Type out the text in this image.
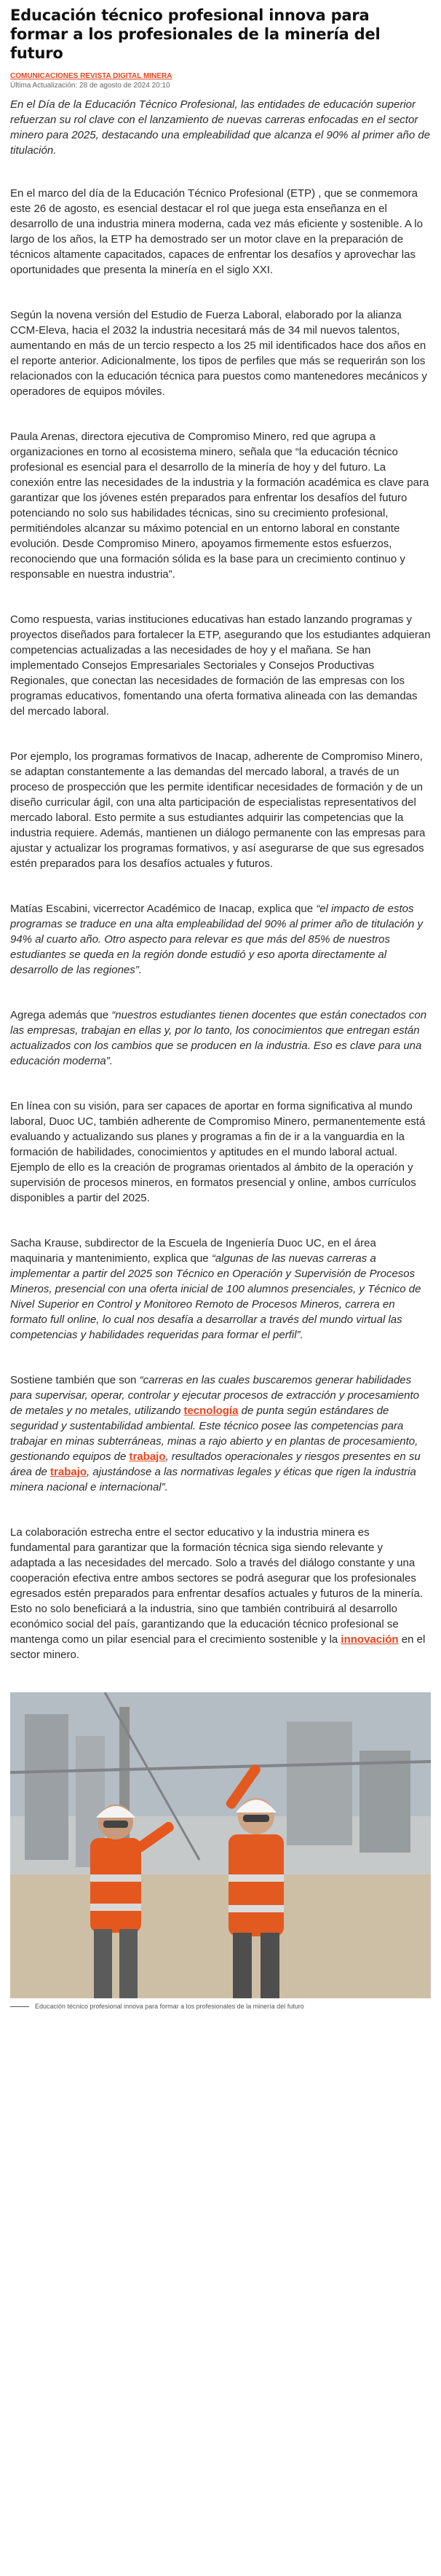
Educación técnico profesional innova para formar a los profesionales de la minería del futuro
COMUNICACIONES REVISTA DIGITAL MINERA
Última Actualización: 28 de agosto de 2024 20:10

En el Día de la Educación Técnico Profesional, las entidades de educación superior refuerzan su rol clave con el lanzamiento de nuevas carreras enfocadas en el sector minero para 2025, destacando una empleabilidad que alcanza el 90% al primer año de titulación.

En el marco del día de la Educación Técnico Profesional (ETP) , que se conmemora este 26 de agosto, es esencial destacar el rol que juega esta enseñanza en el desarrollo de una industria minera moderna, cada vez más eficiente y sostenible. A lo largo de los años, la ETP ha demostrado ser un motor clave en la preparación de técnicos altamente capacitados, capaces de enfrentar los desafíos y aprovechar las oportunidades que presenta la minería en el siglo XXI.

Según la novena versión del Estudio de Fuerza Laboral, elaborado por la alianza CCM-Eleva, hacia el 2032 la industria necesitará más de 34 mil nuevos talentos, aumentando en más de un tercio respecto a los 25 mil identificados hace dos años en el reporte anterior. Adicionalmente, los tipos de perfiles que más se requerirán son los relacionados con la educación técnica para puestos como mantenedores mecánicos y operadores de equipos móviles.

Paula Arenas, directora ejecutiva de Compromiso Minero, red que agrupa a organizaciones en torno al ecosistema minero, señala que “la educación técnico profesional es esencial para el desarrollo de la minería de hoy y del futuro. La conexión entre las necesidades de la industria y la formación académica es clave para garantizar que los jóvenes estén preparados para enfrentar los desafíos del futuro potenciando no solo sus habilidades técnicas, sino su crecimiento profesional, permitiéndoles alcanzar su máximo potencial en un entorno laboral en constante evolución. Desde Compromiso Minero, apoyamos firmemente estos esfuerzos, reconociendo que una formación sólida es la base para un crecimiento continuo y responsable en nuestra industria”.

Como respuesta, varias instituciones educativas han estado lanzando programas y proyectos diseñados para fortalecer la ETP, asegurando que los estudiantes adquieran competencias actualizadas a las necesidades de hoy y el mañana. Se han implementado Consejos Empresariales Sectoriales y Consejos Productivas Regionales, que conectan las necesidades de formación de las empresas con los programas educativos, fomentando una oferta formativa alineada con las demandas del mercado laboral.

Por ejemplo, los programas formativos de Inacap, adherente de Compromiso Minero, se adaptan constantemente a las demandas del mercado laboral, a través de un proceso de prospección que les permite identificar necesidades de formación y de un diseño curricular ágil, con una alta participación de especialistas representativos del mercado laboral. Esto permite a sus estudiantes adquirir las competencias que la industria requiere. Además, mantienen un diálogo permanente con las empresas para ajustar y actualizar los programas formativos, y así asegurarse de que sus egresados estén preparados para los desafíos actuales y futuros.

Matías Escabini, vicerrector Académico de Inacap, explica que “el impacto de estos programas se traduce en una alta empleabilidad del 90% al primer año de titulación y 94% al cuarto año. Otro aspecto para relevar es que más del 85% de nuestros estudiantes se queda en la región donde estudió y eso aporta directamente al desarrollo de las regiones”.

Agrega además que “nuestros estudiantes tienen docentes que están conectados con las empresas, trabajan en ellas y, por lo tanto, los conocimientos que entregan están actualizados con los cambios que se producen en la industria. Eso es clave para una educación moderna”.

En línea con su visión, para ser capaces de aportar en forma significativa al mundo laboral, Duoc UC, también adherente de Compromiso Minero, permanentemente está evaluando y actualizando sus planes y programas a fin de ir a la vanguardia en la formación de habilidades, conocimientos y aptitudes en el mundo laboral actual. Ejemplo de ello es la creación de programas orientados al ámbito de la operación y supervisión de procesos mineros, en formatos presencial y online, ambos currículos disponibles a partir del 2025.

Sacha Krause, subdirector de la Escuela de Ingeniería Duoc UC, en el área maquinaria y mantenimiento, explica que “algunas de las nuevas carreras a implementar a partir del 2025 son Técnico en Operación y Supervisión de Procesos Mineros, presencial con una oferta inicial de 100 alumnos presenciales, y Técnico de Nivel Superior en Control y Monitoreo Remoto de Procesos Mineros, carrera en formato full online, lo cual nos desafía a desarrollar a través del mundo virtual las competencias y habilidades requeridas para formar el perfil”.

Sostiene también que son “carreras en las cuales buscaremos generar habilidades para supervisar, operar, controlar y ejecutar procesos de extracción y procesamiento de metales y no metales, utilizando tecnología de punta según estándares de seguridad y sustentabilidad ambiental. Este técnico posee las competencias para trabajar en minas subterráneas, minas a rajo abierto y en plantas de procesamiento, gestionando equipos de trabajo, resultados operacionales y riesgos presentes en su área de trabajo, ajustándose a las normativas legales y éticas que rigen la industria minera nacional e internacional”.

La colaboración estrecha entre el sector educativo y la industria minera es fundamental para garantizar que la formación técnica siga siendo relevante y adaptada a las necesidades del mercado. Solo a través del diálogo constante y una cooperación efectiva entre ambos sectores se podrá asegurar que los profesionales egresados estén preparados para enfrentar desafíos actuales y futuros de la minería. Esto no solo beneficiará a la industria, sino que también contribuirá al desarrollo económico social del país, garantizando que la educación técnico profesional se mantenga como un pilar esencial para el crecimiento sostenible y la innovación en el sector minero.

Educación técnico profesional innova para formar a los profesionales de la minería del futuro
